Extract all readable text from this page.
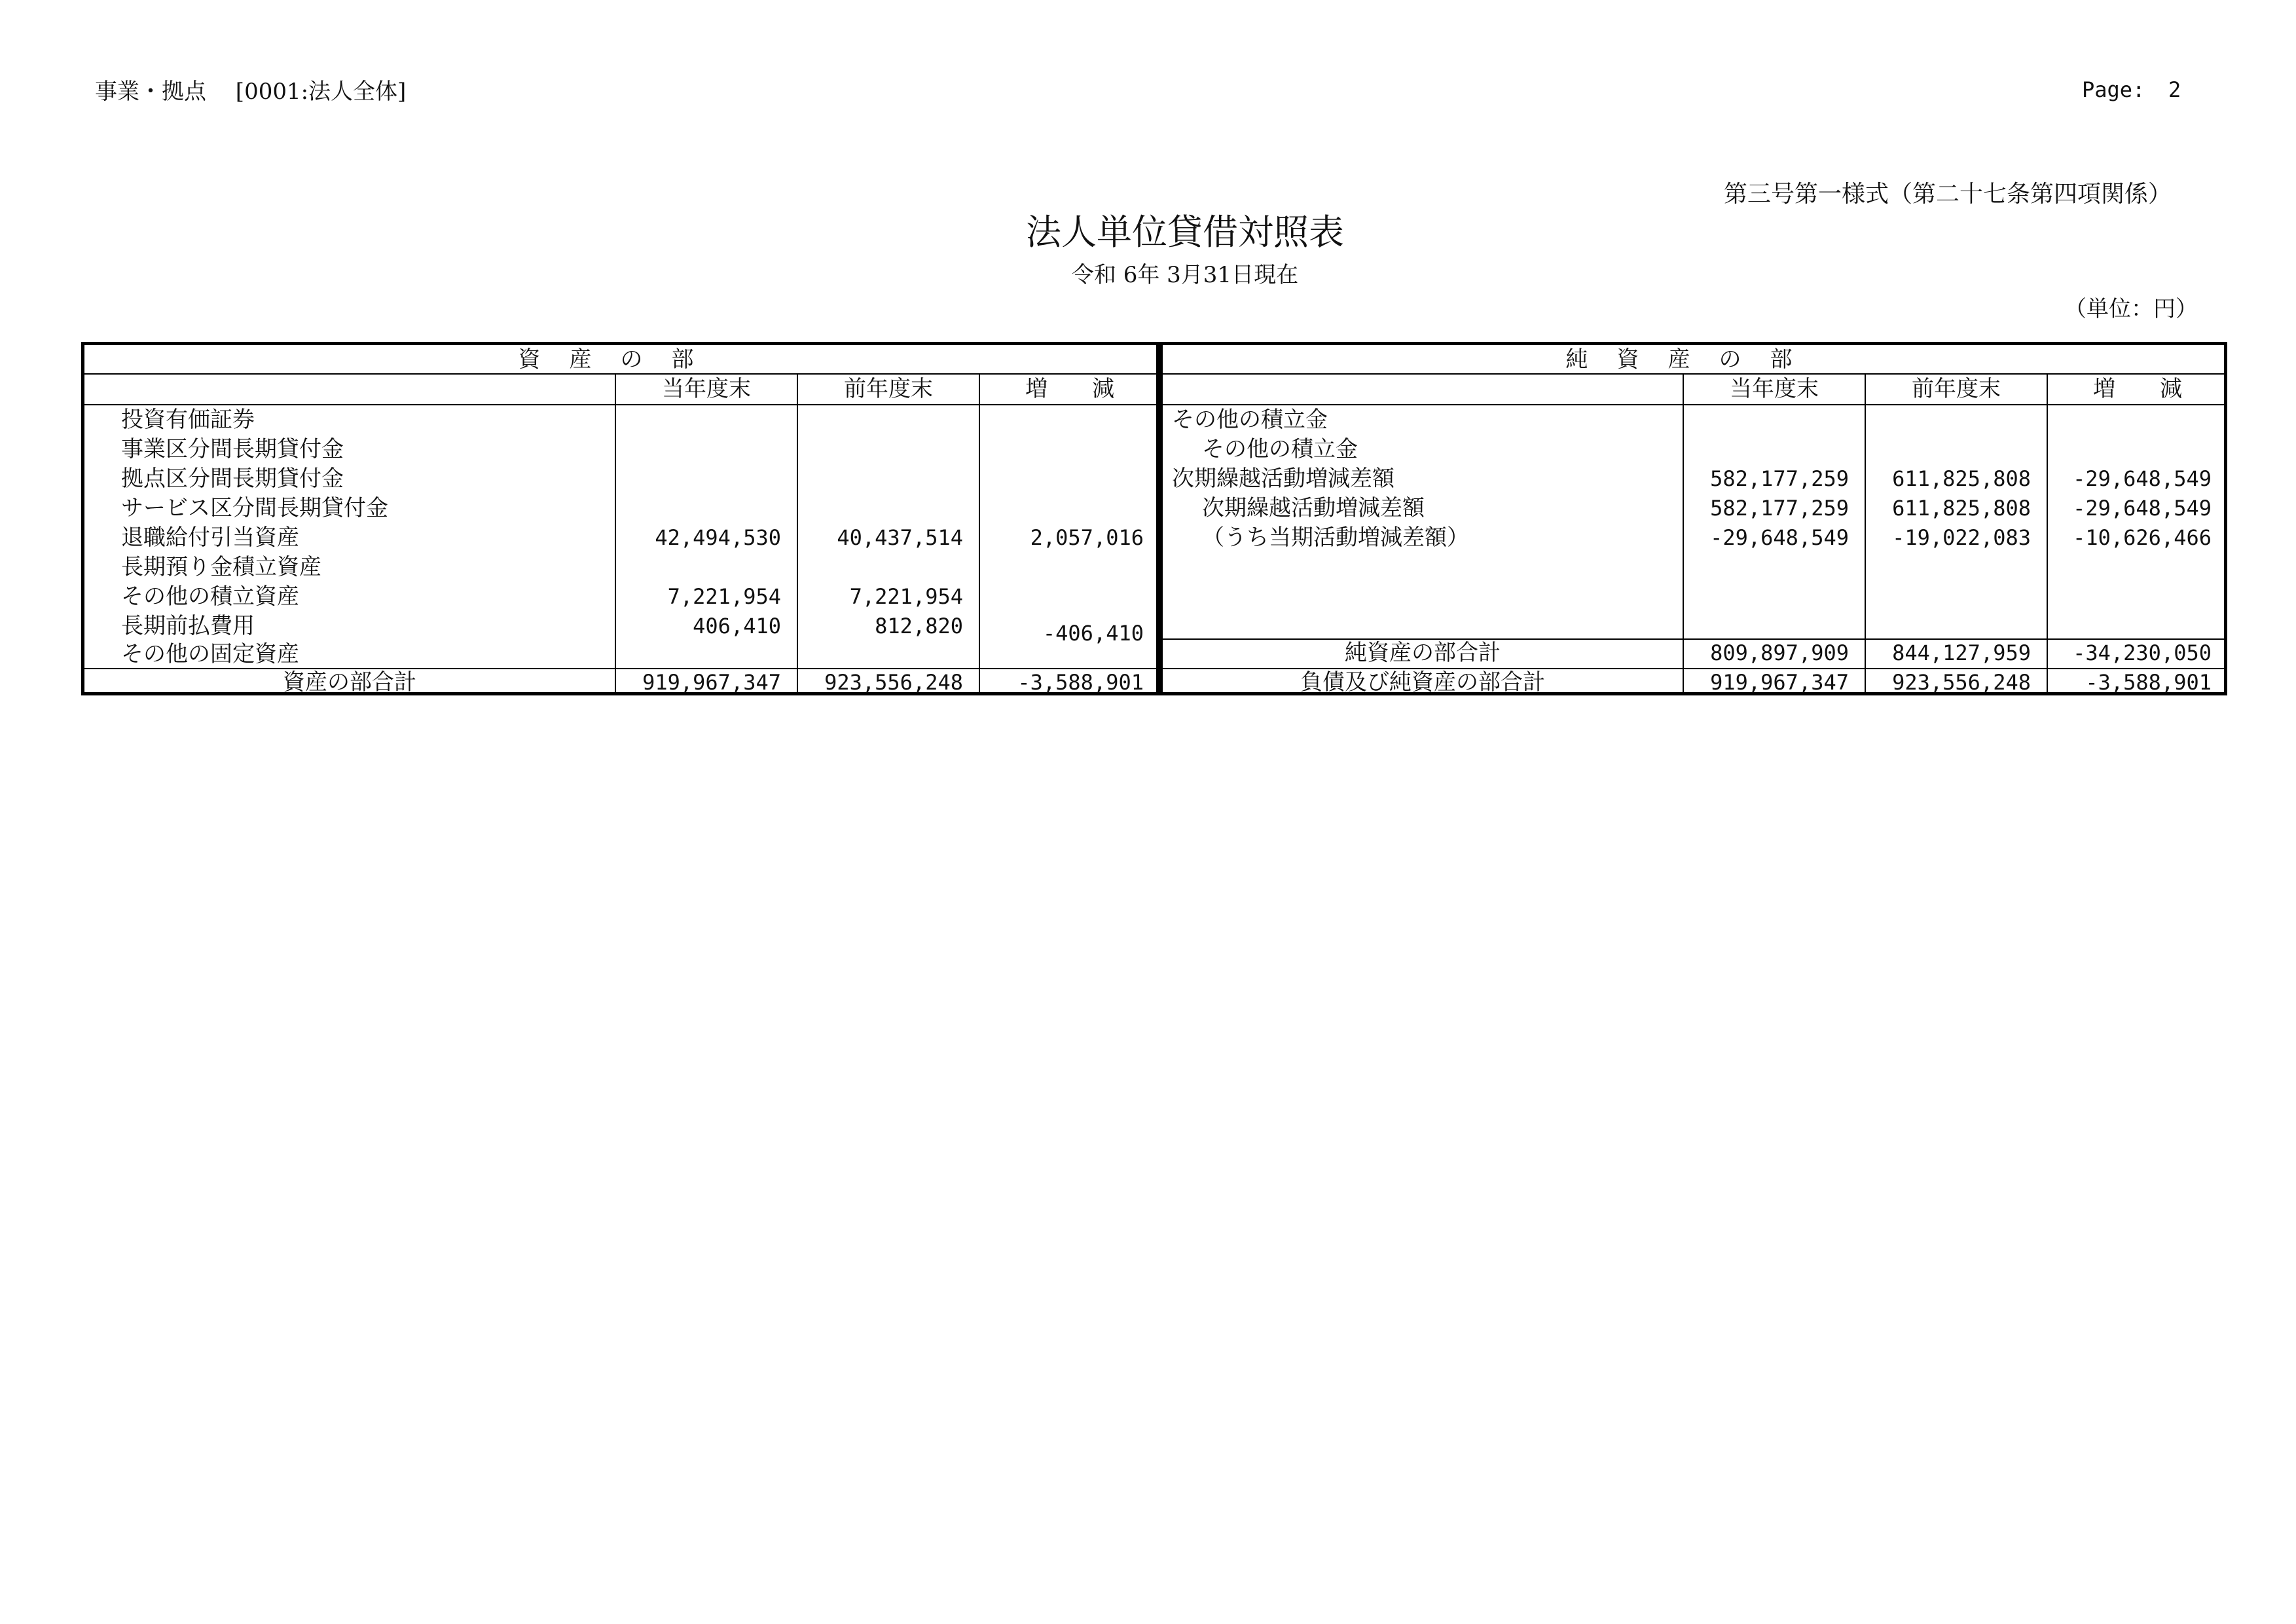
事業・拠点　 [0001:法人全体]	Page: 2
第三号第一様式（第二十七条第四項関係）
法人単位貸借対照表
令和 6年 3月31日現在
（単位：円）
資産の部
当年度末	前年度末	増　　減
投資有価証券
事業区分間長期貸付金
拠点区分間長期貸付金
サービス区分間長期貸付金
退職給付引当資産	42,494,530	40,437,514	2,057,016
長期預り金積立資産
その他の積立資産	7,221,954	7,221,954
長期前払費用	406,410	812,820	-406,410
その他の固定資産
資産の部合計	919,967,347	923,556,248	-3,588,901
純資産の部
当年度末	前年度末	増　　減
その他の積立金
その他の積立金
次期繰越活動増減差額	582,177,259	611,825,808	-29,648,549
次期繰越活動増減差額	582,177,259	611,825,808	-29,648,549
（うち当期活動増減差額）	-29,648,549	-19,022,083	-10,626,466
純資産の部合計	809,897,909	844,127,959	-34,230,050
負債及び純資産の部合計	919,967,347	923,556,248	-3,588,901
